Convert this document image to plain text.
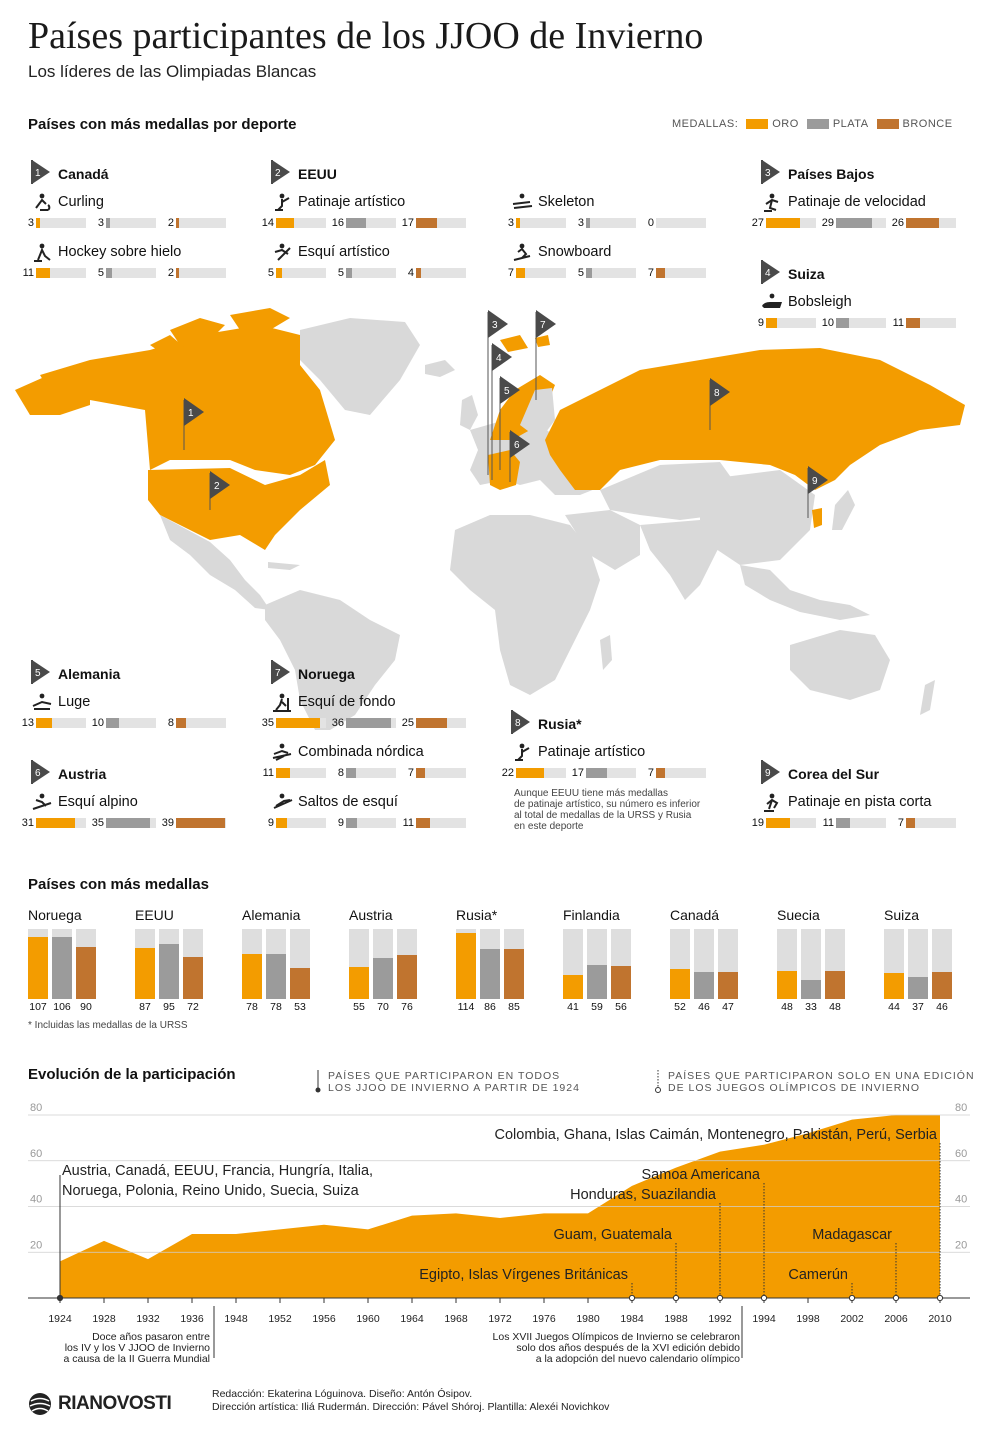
Países participantes de los JJOO de Invierno
Los líderes de las Olimpiadas Blancas
Países con más medallas por deporte	MEDALLAS:	ORO	PLATA	BRONCE
1
2
3
4
5
6
7
8
9
1 Canadá
Curling
3	3	2
Hockey sobre hielo
11	5	2
2 EEUU
Patinaje artístico
14	16	17
Esquí artístico
5	5	4
Skeleton
3	3	0
Snowboard
7	5	7
3 Países Bajos
Patinaje de velocidad
27	29	26
4 Suiza
Bobsleigh
9	10	11
5 Alemania
Luge
13	10	8
6 Austria
Esquí alpino
31	35	39
7 Noruega
Esquí de fondo
35	36	25
Combinada nórdica
11	8	7
Saltos de esquí
9	9	11
8 Rusia*
Patinaje artístico
22	17	7
Aunque EEUU tiene más medallas
de patinaje artístico, su número es inferior
al total de medallas de la URSS y Rusia
en este deporte
9 Corea del Sur
Patinaje en pista corta
19	11	7
Países con más medallas
Noruega
107 106 90
EEUU
87	95	72
Alemania
78	78	53
Austria
55	70	76
Rusia*
114 86	85
Finlandia
41	59	56
Canadá
52	46	47
Suecia
48	33	48
Suiza
44	37	46
* Incluidas las medallas de la URSS
Evolución de la participación	PAÍSES QUE PARTICIPARON EN TODOS
LOS JJOO DE INVIERNO A PARTIR DE 1924
PAÍSES QUE PARTICIPARON SOLO EN UNA EDICIÓN
DE LOS JUEGOS OLÍMPICOS DE INVIERNO
20	20
40	40
60	60
80	80
1924 1928 1932 1936 1948 1952 1956 1960 1964 1968 1972 1976 1980 1984 1988 1992 1994 1998 2002 2006 2010
Austria, Canadá, EEUU, Francia, Hungría, Italia, Noruega, Polonia, Reino Unido, Suecia, Suiza
Colombia, Ghana, Islas Caimán, Montenegro, Pakistán, Perú, Serbia
Samoa Americana
Honduras, Suazilandia
Guam, Guatemala	Madagascar
Egipto, Islas Vírgenes Británicas	Camerún
Doce años pasaron entre los IV y los V JJOO de Invierno a causa de la II Guerra Mundial
Los XVII Juegos Olímpicos de Invierno se celebraron solo dos años después de la XVI edición debido a la adopción del nuevo calendario olímpico
RIANOVOSTI	Redacción: Ekaterina Lóguinova. Diseño: Antón Ósipov.
Dirección artística: Iliá Rudermán. Dirección: Pável Shóroj. Plantilla: Alexéi Novichkov
